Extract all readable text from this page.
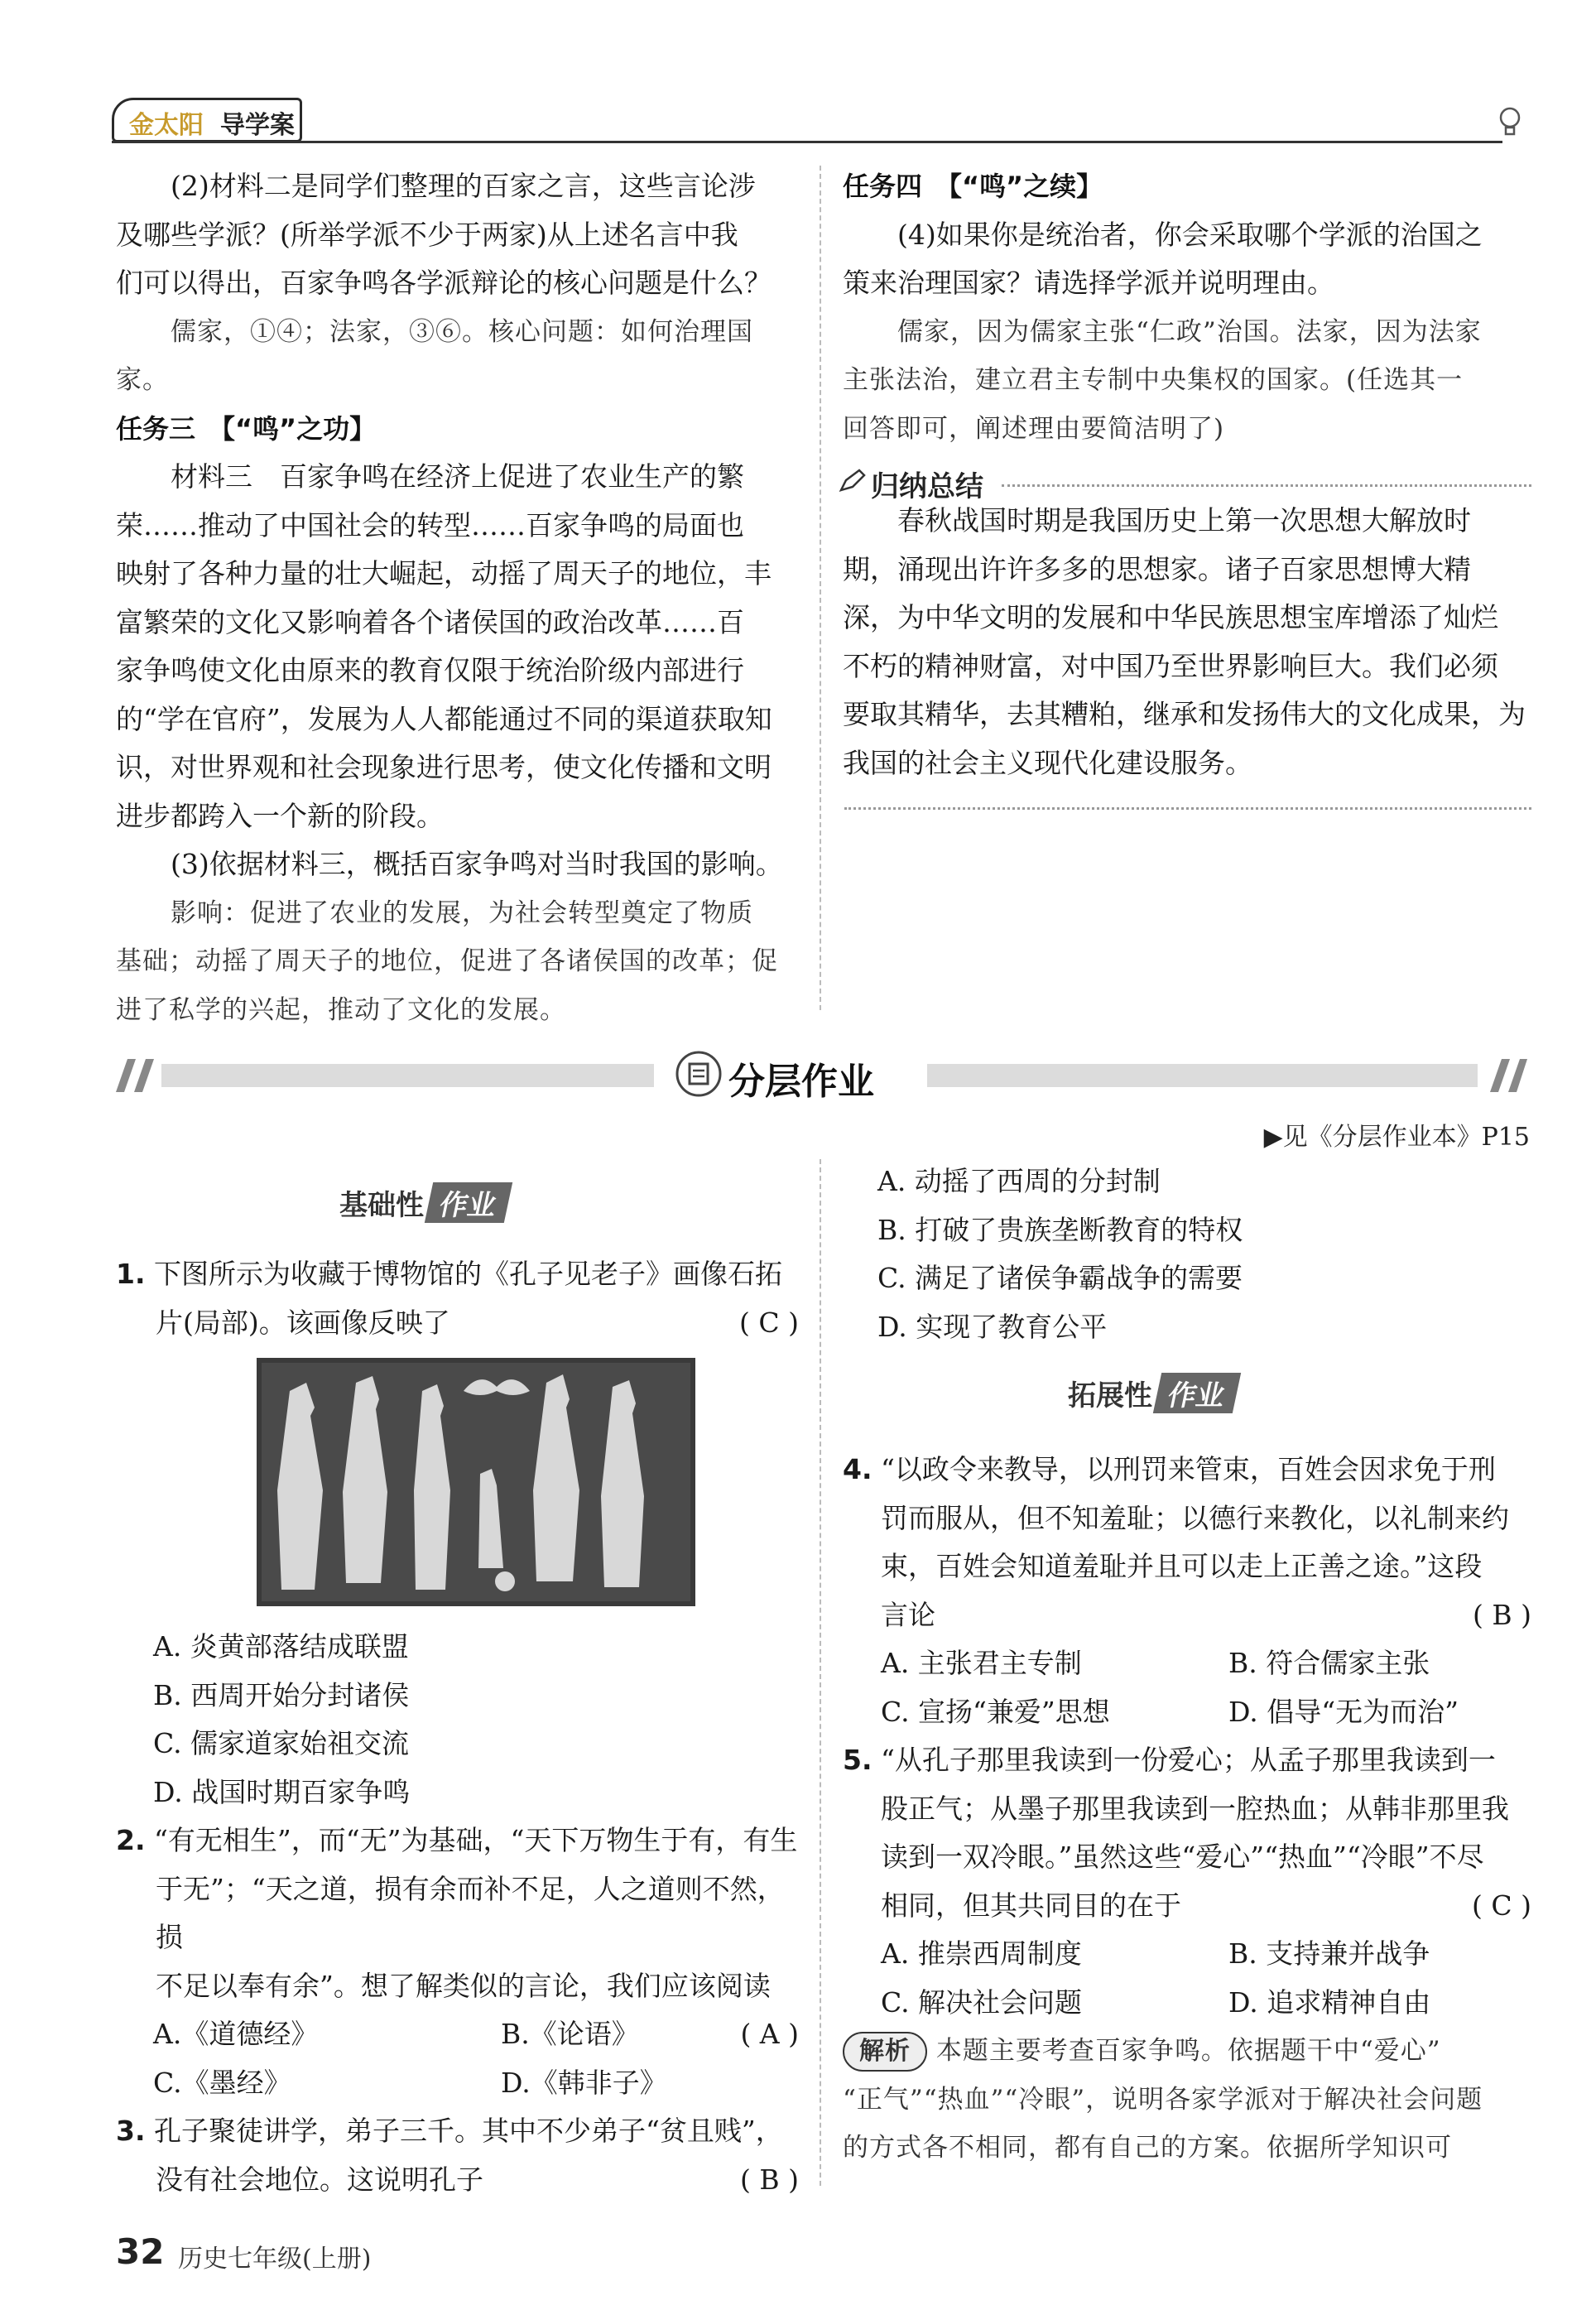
金太阳 导学案

(2)材料二是同学们整理的百家之言，这些言论涉

及哪些学派？(所举学派不少于两家)从上述名言中我

们可以得出，百家争鸣各学派辩论的核心问题是什么？

儒家，①④；法家，③⑥。核心问题：如何治理国家。

任务三　【“鸣”之功】

材料三　百家争鸣在经济上促进了农业生产的繁

荣……推动了中国社会的转型……百家争鸣的局面也

映射了各种力量的壮大崛起，动摇了周天子的地位，丰

富繁荣的文化又影响着各个诸侯国的政治改革……百

家争鸣使文化由原来的教育仅限于统治阶级内部进行

的“学在官府”，发展为人人都能通过不同的渠道获取知

识，对世界观和社会现象进行思考，使文化传播和文明

进步都跨入一个新的阶段。

(3)依据材料三，概括百家争鸣对当时我国的影响。

影响：促进了农业的发展，为社会转型奠定了物质

基础；动摇了周天子的地位，促进了各诸侯国的改革；促

进了私学的兴起，推动了文化的发展。

任务四　【“鸣”之续】

(4)如果你是统治者，你会采取哪个学派的治国之

策来治理国家？请选择学派并说明理由。

儒家，因为儒家主张“仁政”治国。法家，因为法家

主张法治，建立君主专制中央集权的国家。(任选其一

回答即可，阐述理由要简洁明了)

归纳总结

春秋战国时期是我国历史上第一次思想大解放时

期，涌现出许许多多的思想家。诸子百家思想博大精

深，为中华文明的发展和中华民族思想宝库增添了灿烂

不朽的精神财富，对中国乃至世界影响巨大。我们必须

要取其精华，去其糟粕，继承和发扬伟大的文化成果，为

我国的社会主义现代化建设服务。

分层作业
▶见《分层作业本》P15
基础性 作业

1. 下图所示为收藏于博物馆的《孔子见老子》画像石拓

片(局部)。该画像反映了	( C )

A. 炎黄部落结成联盟

B. 西周开始分封诸侯

C. 儒家道家始祖交流

D. 战国时期百家争鸣

2. “有无相生”，而“无”为基础，“天下万物生于有，有生

于无”；“天之道，损有余而补不足，人之道则不然，损

不足以奉有余”。想了解类似的言论，我们应该阅读

( A )

A.《道德经》	B.《论语》

C.《墨经》	D.《韩非子》

3. 孔子聚徒讲学，弟子三千。其中不少弟子“贫且贱”，

没有社会地位。这说明孔子	( B )

A. 动摇了西周的分封制

B. 打破了贵族垄断教育的特权

C. 满足了诸侯争霸战争的需要

D. 实现了教育公平

拓展性 作业

4. “以政令来教导，以刑罚来管束，百姓会因求免于刑

罚而服从，但不知羞耻；以德行来教化，以礼制来约

束，百姓会知道羞耻并且可以走上正善之途。”这段

言论	( B )

A. 主张君主专制	B. 符合儒家主张

C. 宣扬“兼爱”思想	D. 倡导“无为而治”

5. “从孔子那里我读到一份爱心；从孟子那里我读到一

股正气；从墨子那里我读到一腔热血；从韩非那里我

读到一双冷眼。”虽然这些“爱心”“热血”“冷眼”不尽

相同，但其共同目的在于	( C )

A. 推崇西周制度	B. 支持兼并战争

C. 解决社会问题	D. 追求精神自由

解析 本题主要考查百家争鸣。依据题干中“爱心”

“正气”“热血”“冷眼”，说明各家学派对于解决社会问题

的方式各不相同，都有自己的方案。依据所学知识可

32 历史七年级(上册)
